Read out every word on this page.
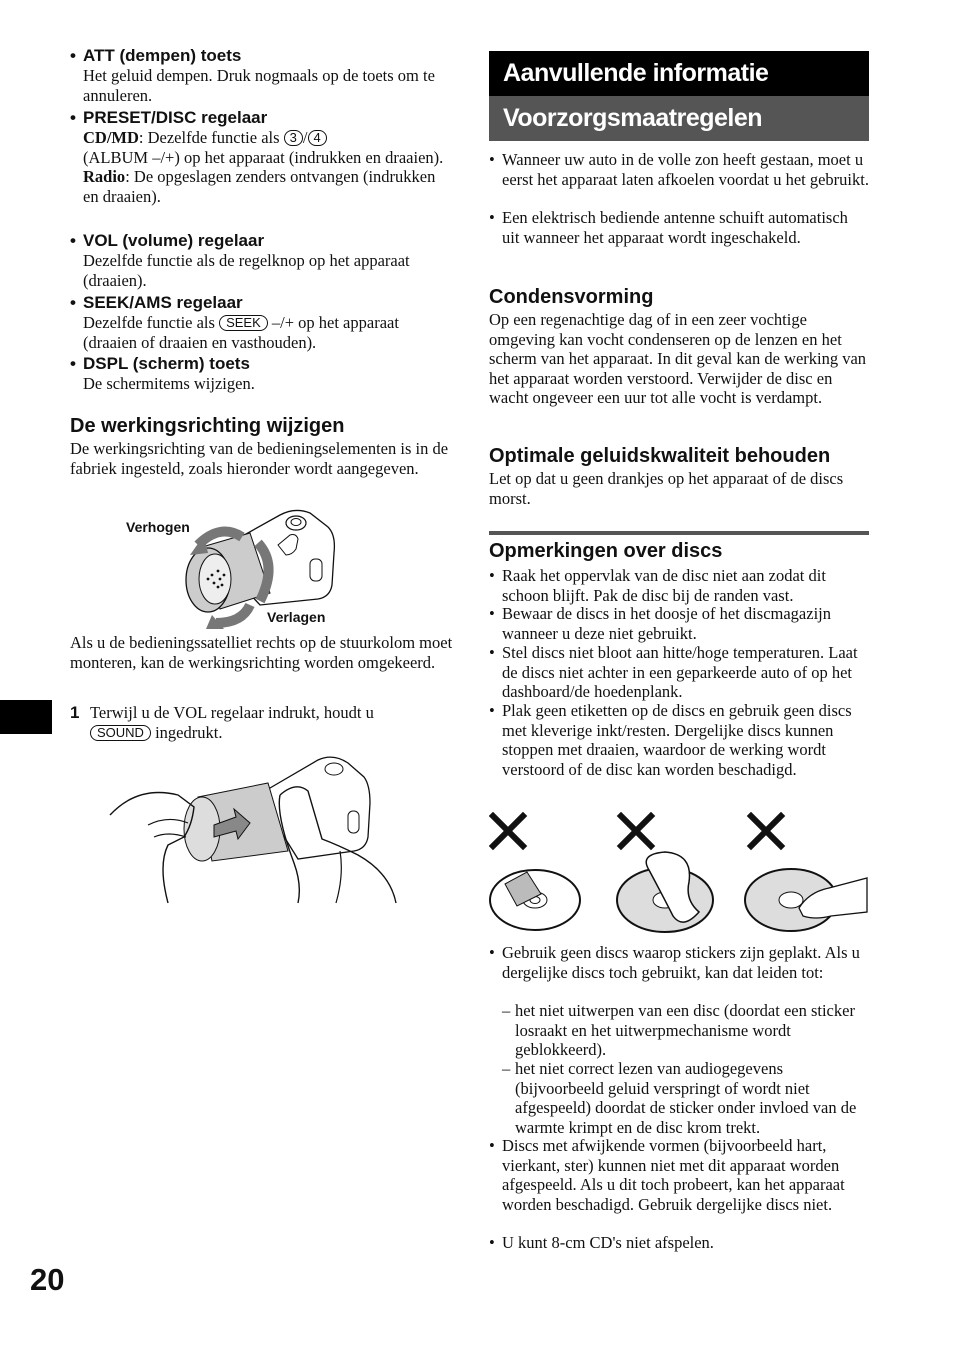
• ATT (dempen) toets
Het geluid dempen. Druk nogmaals op de toets om te annuleren.
• PRESET/DISC regelaar
CD/MD: Dezelfde functie als 3 / 4
(ALBUM –/+) op het apparaat (indrukken en draaien).
Radio: De opgeslagen zenders ontvangen (indrukken en draaien).
• VOL (volume) regelaar
Dezelfde functie als de regelknop op het apparaat (draaien).
• SEEK/AMS regelaar
Dezelfde functie als SEEK –/+ op het apparaat (draaien of draaien en vasthouden).
• DSPL (scherm) toets
De schermitems wijzigen.
De werkingsrichting wijzigen
De werkingsrichting van de bedieningselementen is in de fabriek ingesteld, zoals hieronder wordt aangegeven.
Verhogen
Verlagen
Als u de bedieningssatelliet rechts op de stuurkolom moet monteren, kan de werkingsrichting worden omgekeerd.
1 Terwijl u de VOL regelaar indrukt, houdt u
SOUND ingedrukt.
Aanvullende informatie
Voorzorgsmaatregelen
• Wanneer uw auto in de volle zon heeft gestaan, moet u eerst het apparaat laten afkoelen voordat u het gebruikt.
• Een elektrisch bediende antenne schuift automatisch uit wanneer het apparaat wordt ingeschakeld.
Condensvorming
Op een regenachtige dag of in een zeer vochtige omgeving kan vocht condenseren op de lenzen en het scherm van het apparaat. In dit geval kan de werking van het apparaat worden verstoord. Verwijder de disc en wacht ongeveer een uur tot alle vocht is verdampt.
Optimale geluidskwaliteit behouden
Let op dat u geen drankjes op het apparaat of de discs morst.
Opmerkingen over discs
• Raak het oppervlak van de disc niet aan zodat dit schoon blijft. Pak de disc bij de randen vast.
• Bewaar de discs in het doosje of het discmagazijn wanneer u deze niet gebruikt.
• Stel discs niet bloot aan hitte/hoge temperaturen. Laat de discs niet achter in een geparkeerde auto of op het dashboard/de hoedenplank.
• Plak geen etiketten op de discs en gebruik geen discs met kleverige inkt/resten. Dergelijke discs kunnen stoppen met draaien, waardoor de werking wordt verstoord of de disc kan worden beschadigd.
• Gebruik geen discs waarop stickers zijn geplakt. Als u dergelijke discs toch gebruikt, kan dat leiden tot:
– het niet uitwerpen van een disc (doordat een sticker losraakt en het uitwerpmechanisme wordt geblokkeerd).
– het niet correct lezen van audiogegevens (bijvoorbeeld geluid verspringt of wordt niet afgespeeld) doordat de sticker onder invloed van de warmte krimpt en de disc krom trekt.
• Discs met afwijkende vormen (bijvoorbeeld hart, vierkant, ster) kunnen niet met dit apparaat worden afgespeeld. Als u dit toch probeert, kan het apparaat worden beschadigd. Gebruik dergelijke discs niet.
• U kunt 8-cm CD's niet afspelen.
20
